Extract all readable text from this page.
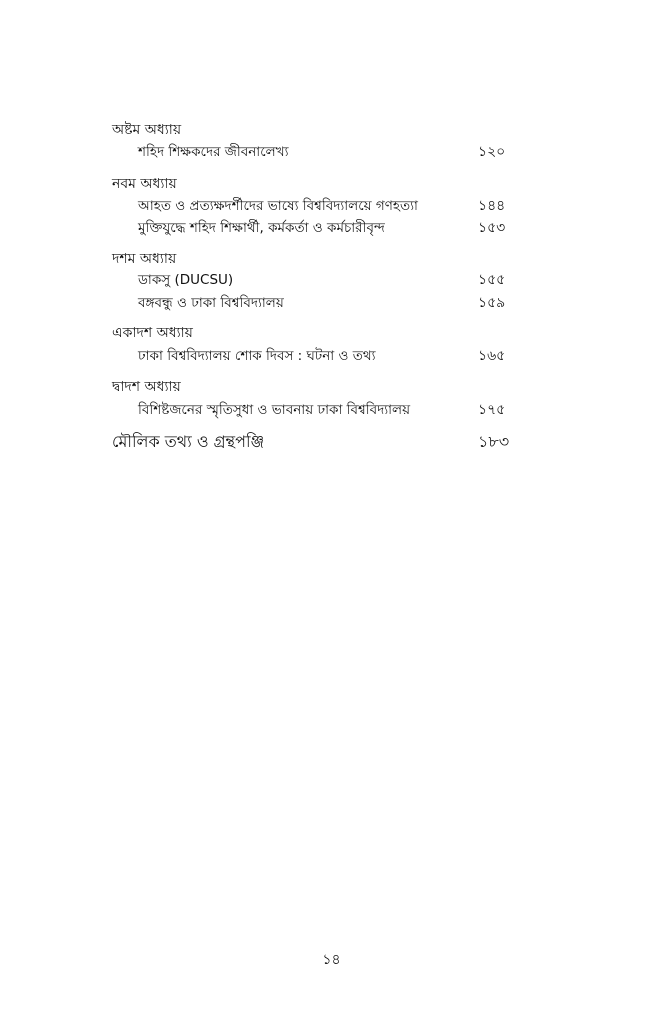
অষ্টম অধ্যায়
শহিদ শিক্ষকদের জীবনালেখ্য	১২০
নবম অধ্যায়
আহত ও প্রত্যক্ষদর্শীদের ভাষ্যে বিশ্ববিদ্যালয়ে গণহত্যা	১৪৪
মুক্তিযুদ্ধে শহিদ শিক্ষার্থী, কর্মকর্তা ও কর্মচারীবৃন্দ	১৫৩
দশম অধ্যায়
ডাকসু (DUCSU)	১৫৫
বঙ্গবন্ধু ও ঢাকা বিশ্ববিদ্যালয়	১৫৯
একাদশ অধ্যায়
ঢাকা বিশ্ববিদ্যালয় শোক দিবস : ঘটনা ও তথ্য	১৬৫
দ্বাদশ অধ্যায়
বিশিষ্টজনের স্মৃতিসুধা ও ভাবনায় ঢাকা বিশ্ববিদ্যালয়	১৭৫
মৌলিক তথ্য ও গ্রন্থপঞ্জি	১৮৩
১৪
